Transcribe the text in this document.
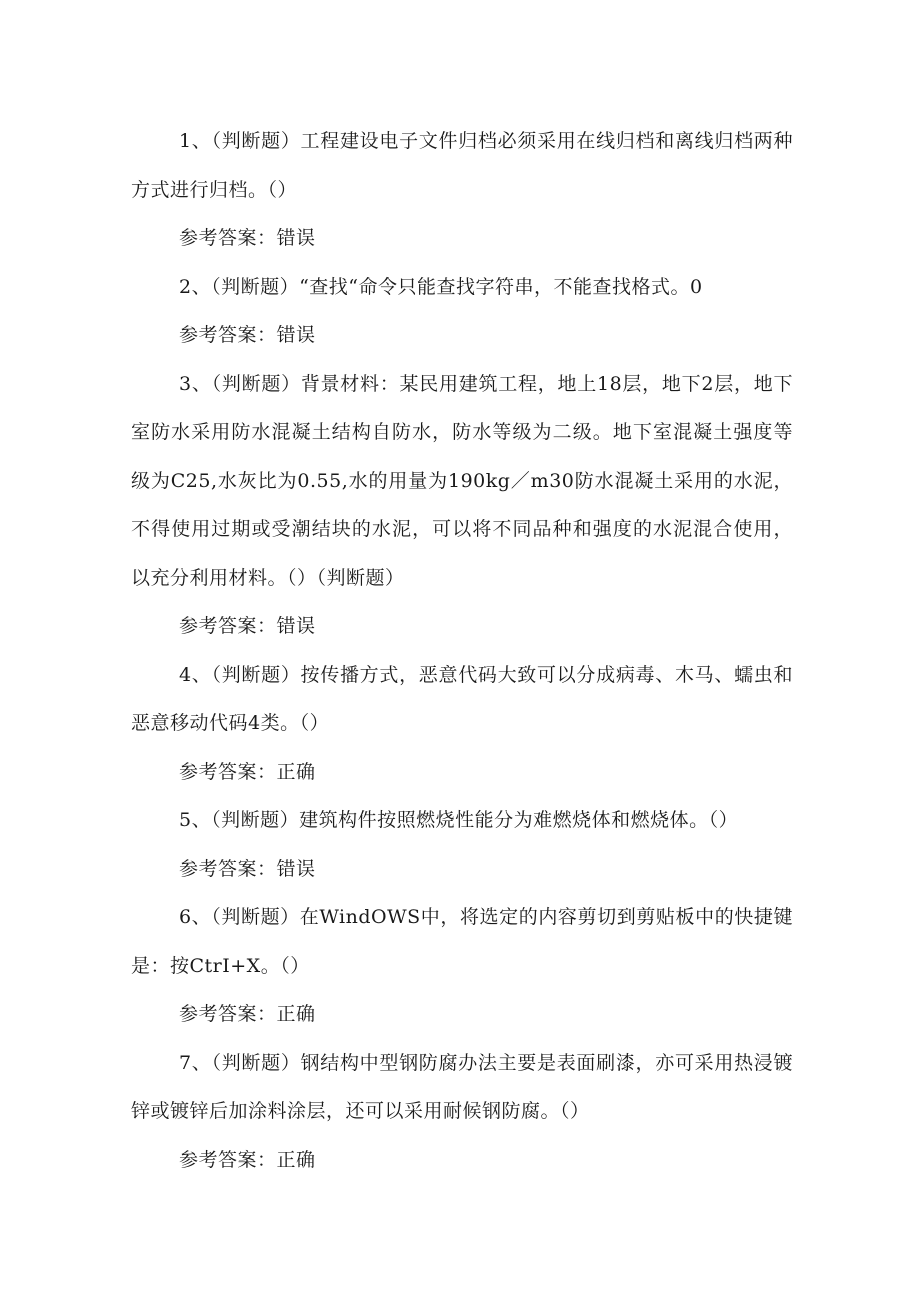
1、（判断题）工程建设电子文件归档必须采用在线归档和离线归档两种方式进行归档。（）

参考答案：错误

2、（判断题）“查找“命令只能查找字符串，不能查找格式。0

参考答案：错误

3、（判断题）背景材料：某民用建筑工程，地上18层，地下2层，地下室防水采用防水混凝土结构自防水，防水等级为二级。地下室混凝土强度等级为C25,水灰比为0.55,水的用量为190kg／m30防水混凝土采用的水泥，不得使用过期或受潮结块的水泥，可以将不同品种和强度的水泥混合使用，以充分利用材料。（）（判断题）

参考答案：错误

4、（判断题）按传播方式，恶意代码大致可以分成病毒、木马、蠕虫和恶意移动代码4类。（）

参考答案：正确

5、（判断题）建筑构件按照燃烧性能分为难燃烧体和燃烧体。（）

参考答案：错误

6、（判断题）在WindOWS中，将选定的内容剪切到剪贴板中的快捷键是：按CtrI+X。（）

参考答案：正确

7、（判断题）钢结构中型钢防腐办法主要是表面刷漆，亦可采用热浸镀锌或镀锌后加涂料涂层，还可以采用耐候钢防腐。（）

参考答案：正确
